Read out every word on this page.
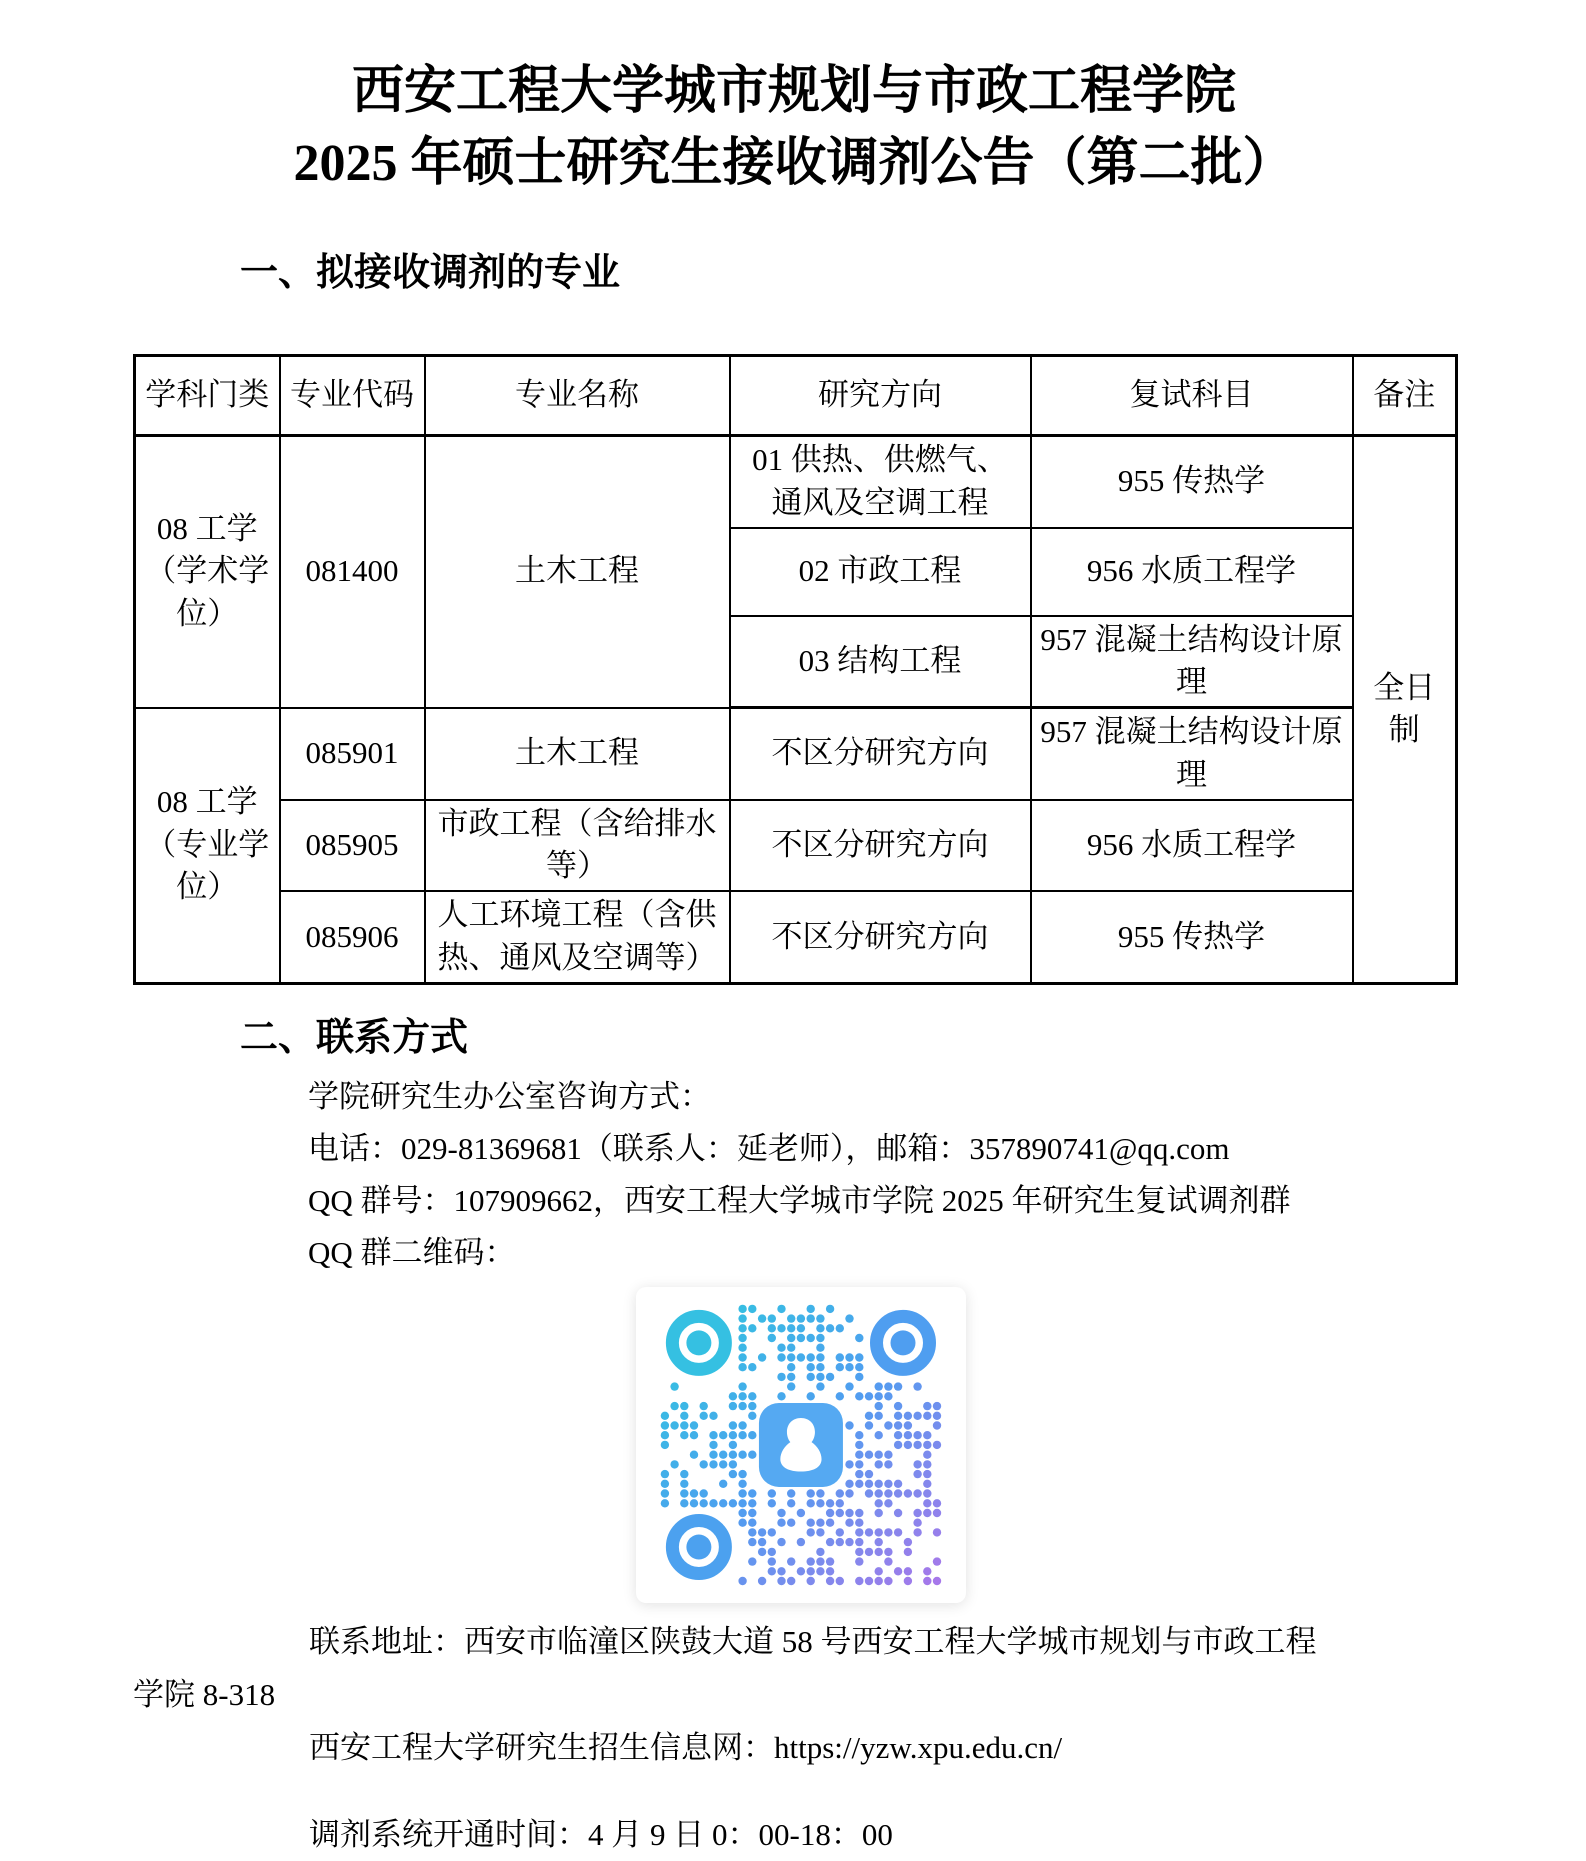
西安工程大学城市规划与市政工程学院
2025 年硕士研究生接收调剂公告（第二批）
一、拟接收调剂的专业
学科门类	专业代码	专业名称	研究方向	复试科目	备注
08 工学（学术学位）	081400	土木工程	01 供热、供燃气、通风及空调工程	955 传热学	全日制
			02 市政工程	956 水质工程学	
			03 结构工程	957 混凝土结构设计原理	
08 工学（专业学位）	085901	土木工程	不区分研究方向	957 混凝土结构设计原理	
	085905	市政工程（含给排水等）	不区分研究方向	956 水质工程学	
	085906	人工环境工程（含供热、通风及空调等）	不区分研究方向	955 传热学	
二、联系方式

学院研究生办公室咨询方式：

电话：029-81369681（联系人：延老师），邮箱：357890741@qq.com

QQ 群号：107909662，西安工程大学城市学院 2025 年研究生复试调剂群

QQ 群二维码：

联系地址：西安市临潼区陕鼓大道 58 号西安工程大学城市规划与市政工程

学院 8-318

西安工程大学研究生招生信息网：https://yzw.xpu.edu.cn/

调剂系统开通时间：4 月 9 日 0：00-18：00
